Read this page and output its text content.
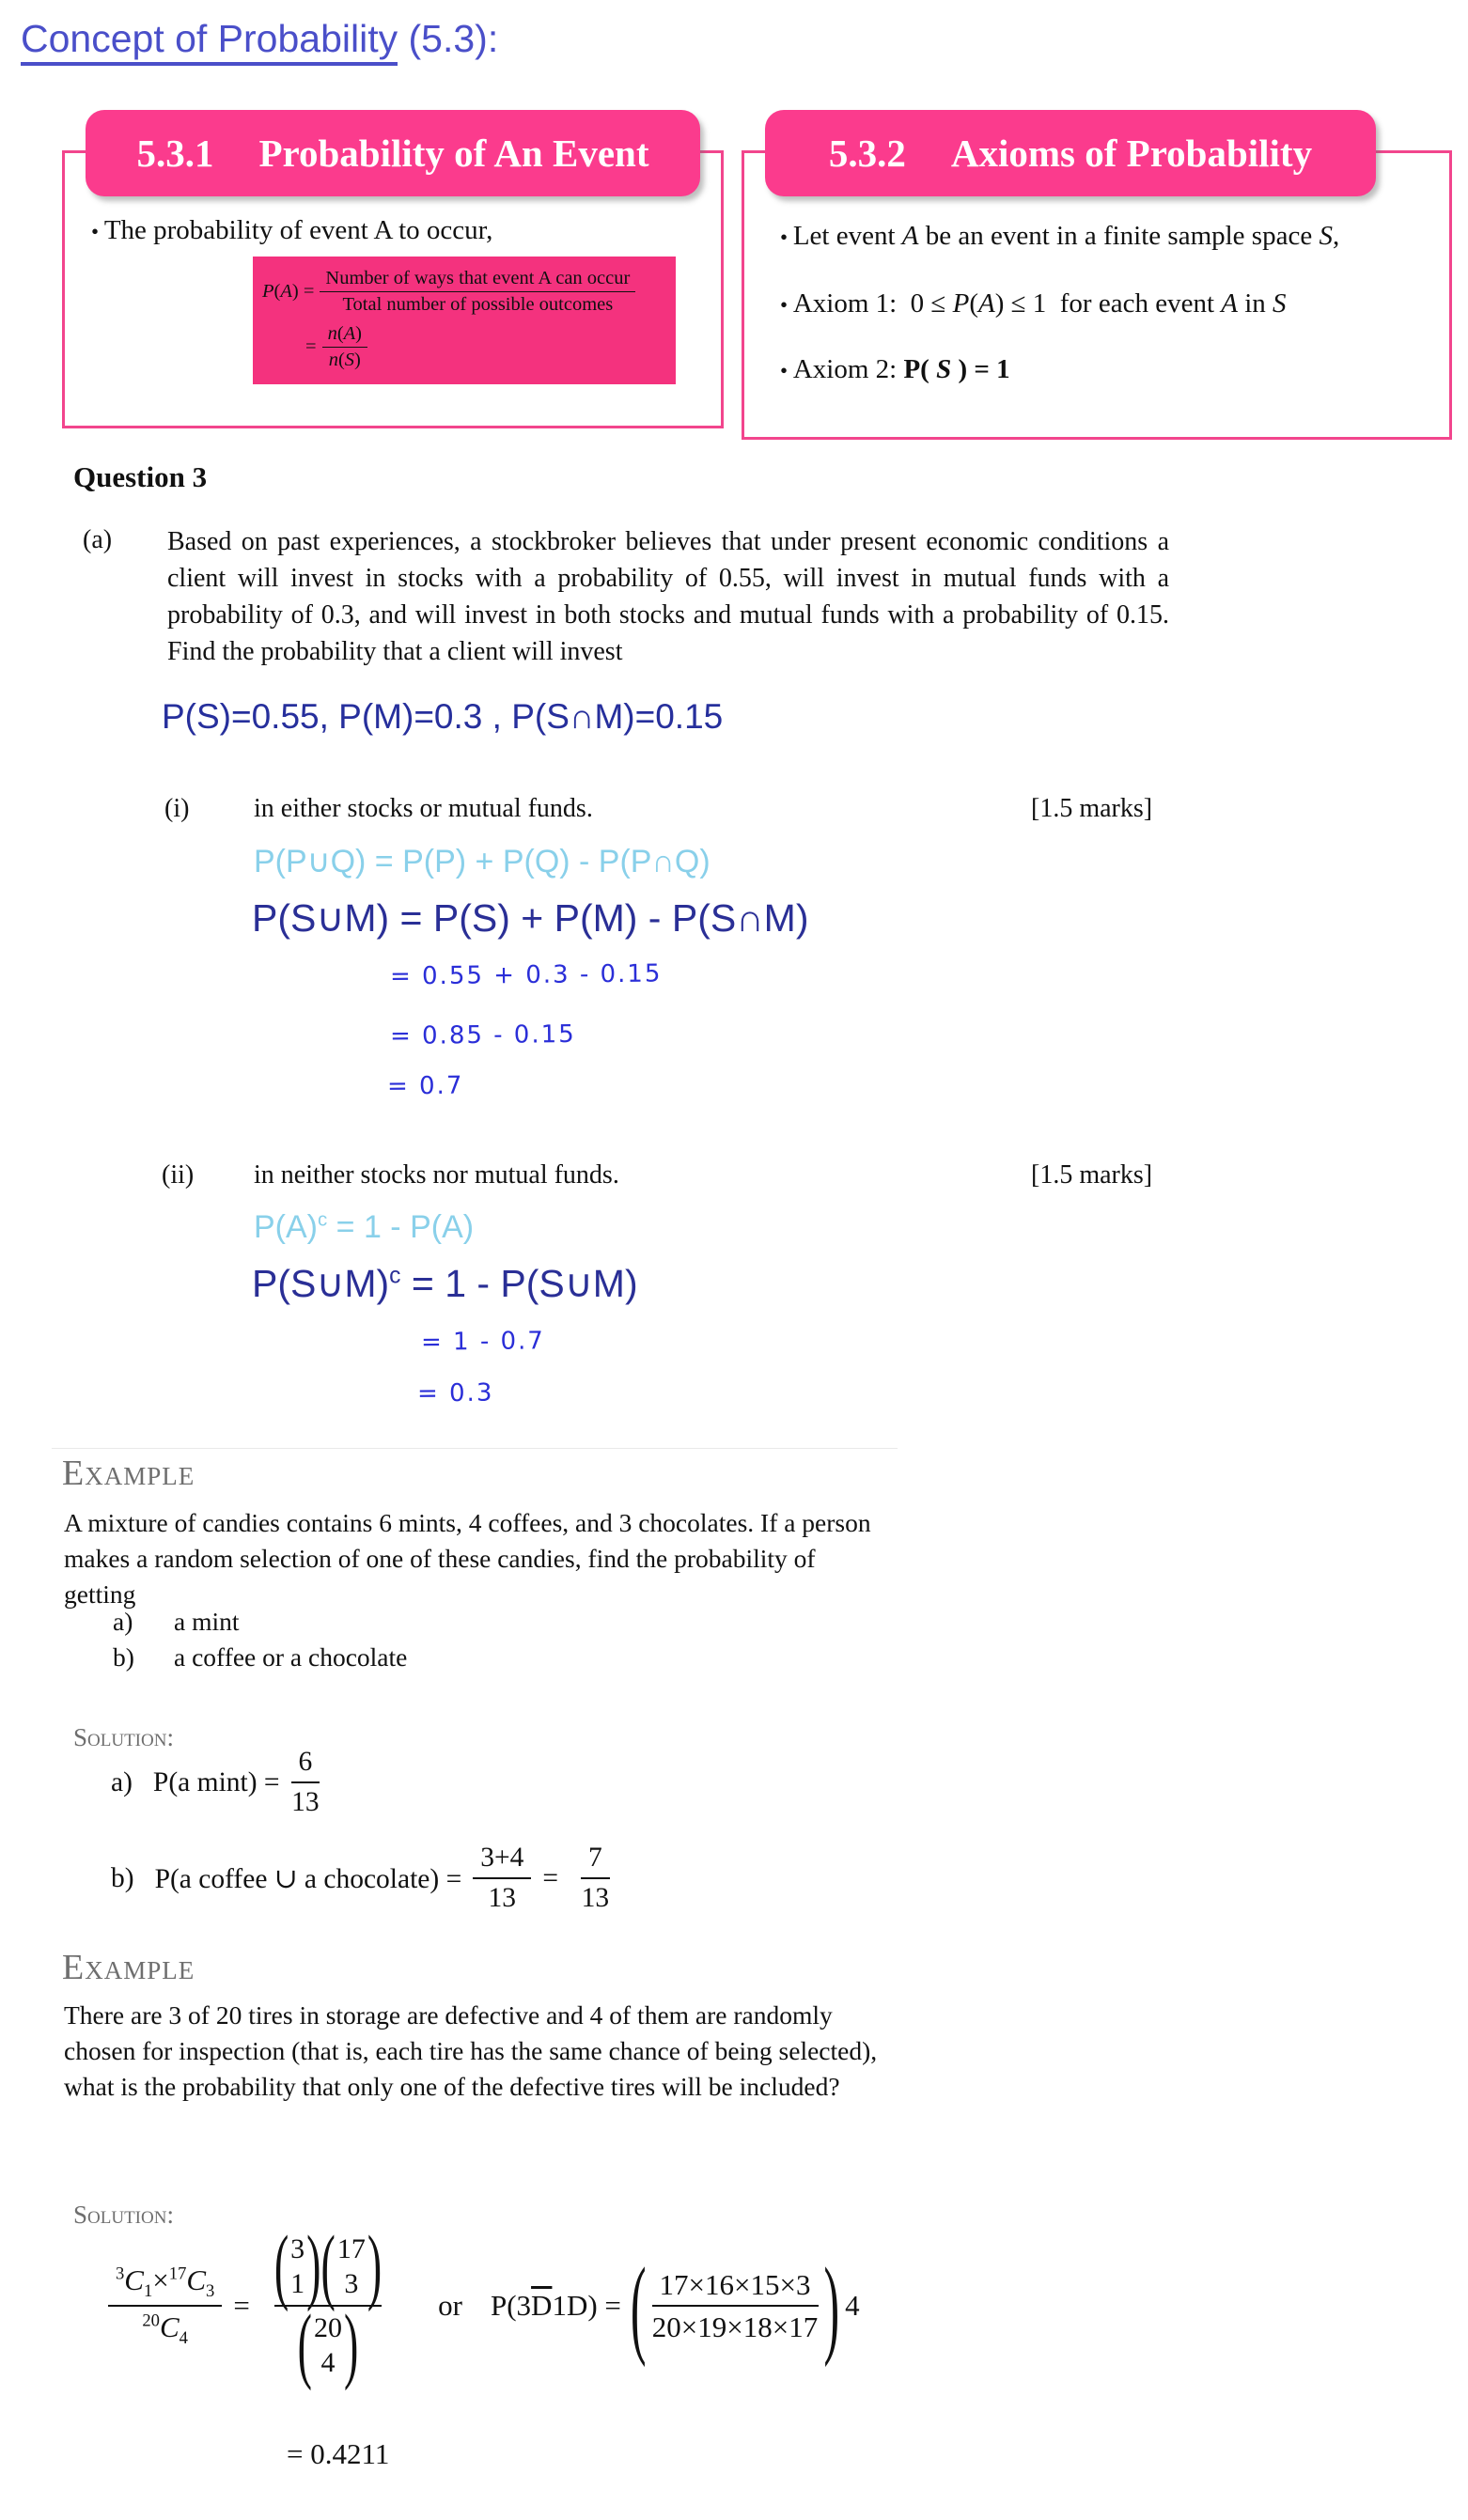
Concept of Probability (5.3):
5.3.1 Probability of An Event
• The probability of event A to occur,
$P(A) = \frac{\text{Number of ways that event A can occur}}{\text{Total number of possible outcomes}}$
= $\frac{n(A)}{n(S)}$
5.3.2 Axioms of Probability
• Let event A be an event in a finite sample space S,
• Axiom 1:  0 ≤ P(A) ≤ 1  for each event A in S
• Axiom 2: P( S ) = 1
Question 3
(a) Based on past experiences, a stockbroker believes that under present economic conditions a client will invest in stocks with a probability of 0.55, will invest in mutual funds with a probability of 0.3, and will invest in both stocks and mutual funds with a probability of 0.15. Find the probability that a client will invest
P(S)=0.55, P(M)=0.3 , P(S∩M)=0.15
(i) in either stocks or mutual funds.	[1.5 marks]
P(P∪Q) = P(P) + P(Q) - P(P∩Q)
P(S∪M) = P(S) + P(M) - P(S∩M)
= 0.55 + 0.3 - 0.15
= 0.85 - 0.15
= 0.7
(ii) in neither stocks nor mutual funds.	[1.5 marks]
$P(A)^c = 1 - P(A)$
P(S∪M)$^c$ = 1 - P(S∪M)
= 1 - 0.7
= 0.3
Example
A mixture of candies contains 6 mints, 4 coffees, and 3 chocolates. If a person makes a random selection of one of these candies, find the probability of getting
a)	a mint
b)	a coffee or a chocolate
Solution:
a) P(a $\min t) = \frac{6}{13}$
b) P(a coffee ∪ a chocolate) = $\frac{3+4}{13} = \frac{7}{13}$
Example
There are 3 of 20 tires in storage are defective and 4 of them are randomly chosen for inspection (that is, each tire has the same chance of being selected), what is the probability that only one of the defective tires will be included?
Solution:
$\frac{^3C_1\times^{17}C_3}{^{20}C_4}$ = ( 3
1 ) ( 17
3 )
( 20
4 )	or $P(3\overline{D}1D)$ = ( $\frac{17\times 16\times 15\times 3}{20\times 19\times 18\times 17}$ ) 4
= 0.4211
